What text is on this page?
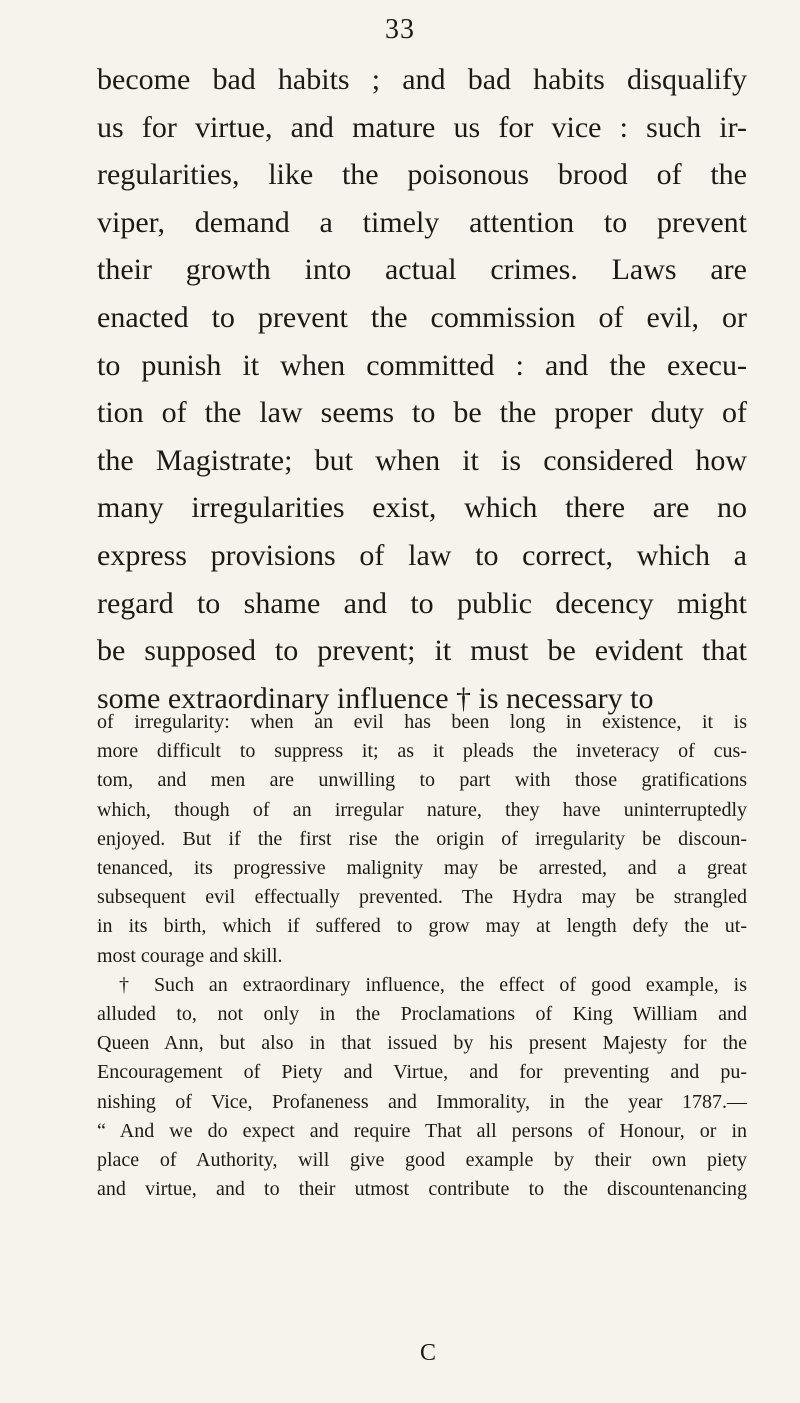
33
become bad habits ; and bad habits disqualify
us for virtue, and mature us for vice : such ir-
regularities, like the poisonous brood of the
viper, demand a timely attention to prevent
their growth into actual crimes. Laws are
enacted to prevent the commission of evil, or
to punish it when committed : and the execu-
tion of the law seems to be the proper duty of
the Magistrate; but when it is considered how
many irregularities exist, which there are no
express provisions of law to correct, which a
regard to shame and to public decency might
be supposed to prevent; it must be evident that
some extraordinary influence † is necessary to
of irregularity: when an evil has been long in existence, it is
more difficult to suppress it; as it pleads the inveteracy of cus-
tom, and men are unwilling to part with those gratifications
which, though of an irregular nature, they have uninterruptedly
enjoyed. But if the first rise the origin of irregularity be discoun-
tenanced, its progressive malignity may be arrested, and a great
subsequent evil effectually prevented. The Hydra may be strangled
in its birth, which if suffered to grow may at length defy the ut-
most courage and skill.
† Such an extraordinary influence, the effect of good example, is
alluded to, not only in the Proclamations of King William and
Queen Ann, but also in that issued by his present Majesty for the
Encouragement of Piety and Virtue, and for preventing and pu-
nishing of Vice, Profaneness and Immorality, in the year 1787.—
“ And we do expect and require That all persons of Honour, or in
place of Authority, will give good example by their own piety
and virtue, and to their utmost contribute to the discountenancing
C
